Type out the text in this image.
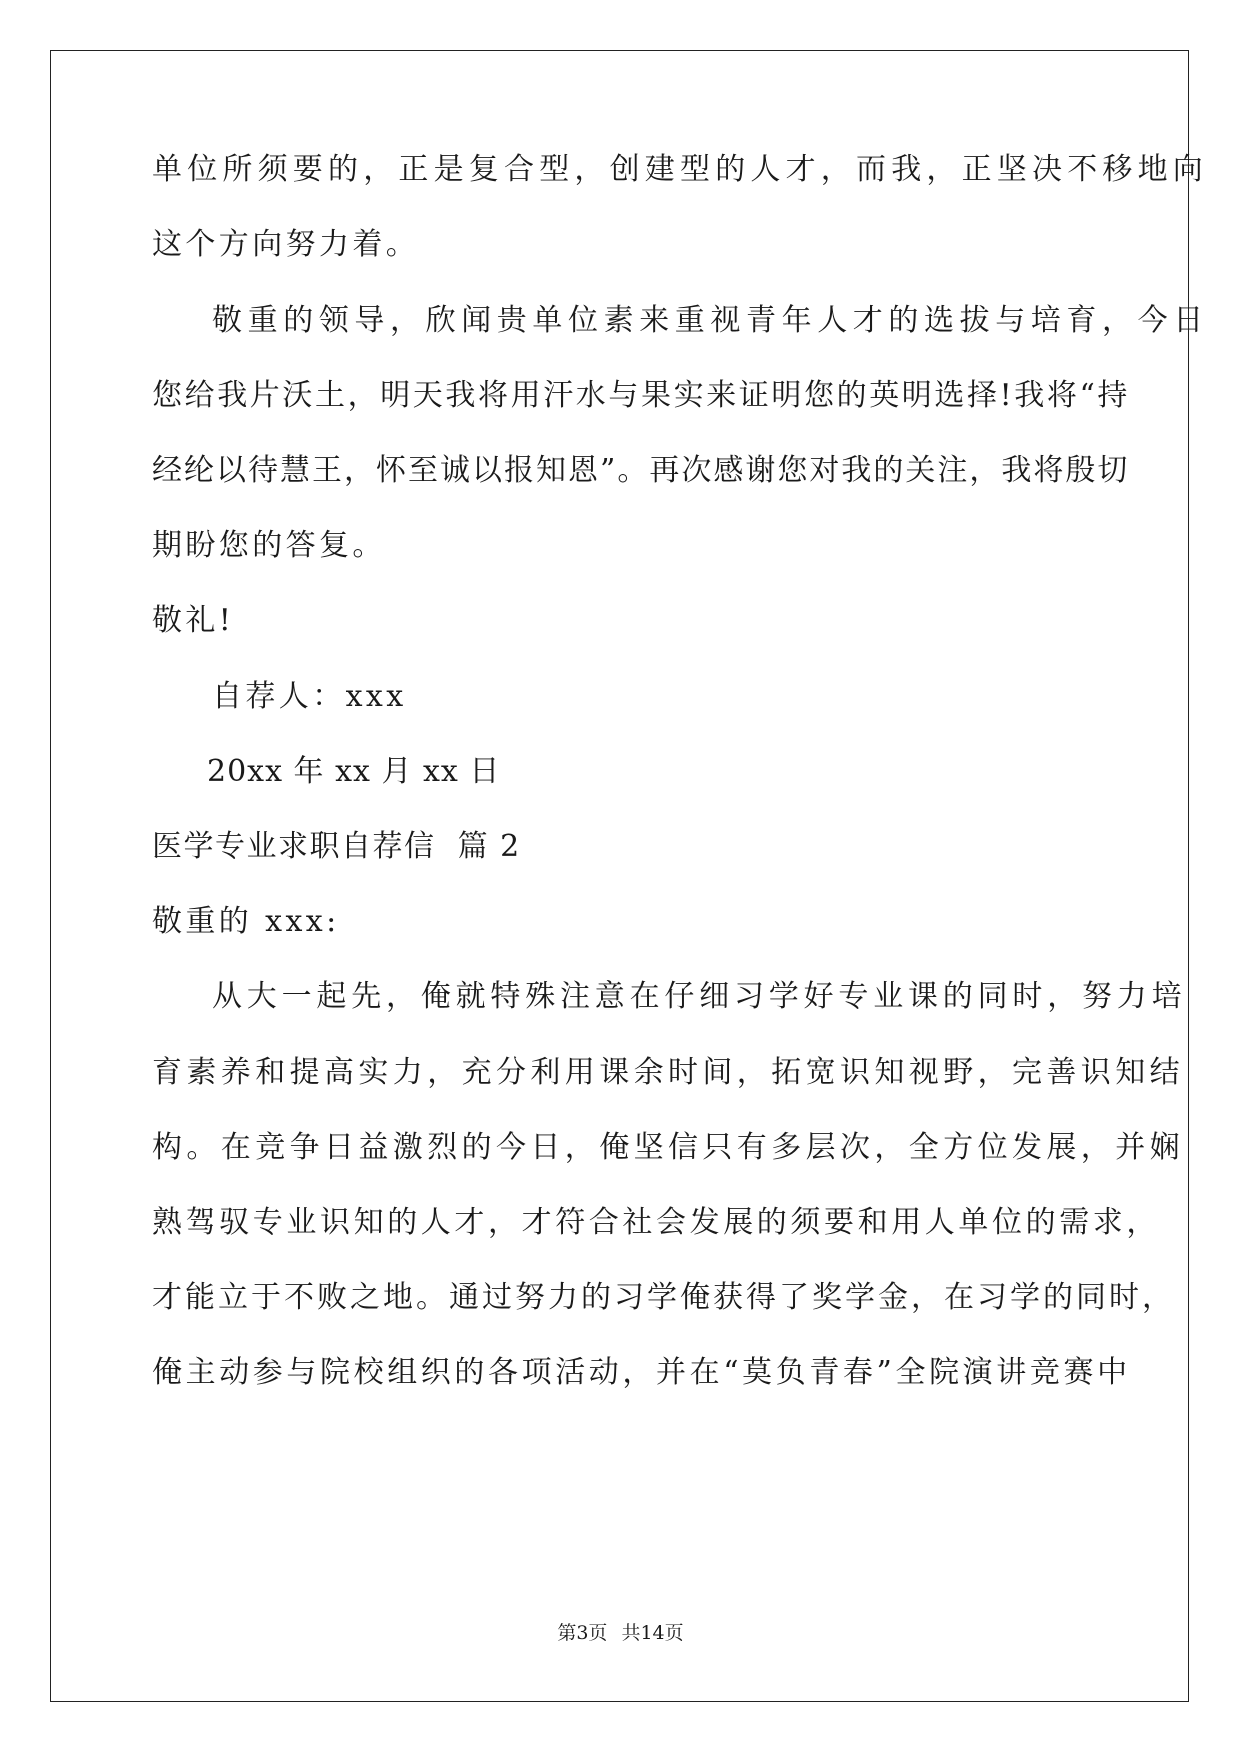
单位所须要的，正是复合型，创建型的人才，而我，正坚决不移地向
这个方向努力着。
敬重的领导，欣闻贵单位素来重视青年人才的选拔与培育，今日
您给我片沃土，明天我将用汗水与果实来证明您的英明选择!我将“持
经纶以待慧王，怀至诚以报知恩”。再次感谢您对我的关注，我将殷切
期盼您的答复。
敬礼!
自荐人：xxx
20xx 年 xx 月 xx 日
医学专业求职自荐信  篇 2
敬重的 xxx:
从大一起先，俺就特殊注意在仔细习学好专业课的同时，努力培
育素养和提高实力，充分利用课余时间，拓宽识知视野，完善识知结
构。在竞争日益激烈的今日，俺坚信只有多层次，全方位发展，并娴
熟驾驭专业识知的人才，才符合社会发展的须要和用人单位的需求，
才能立于不败之地。通过努力的习学俺获得了奖学金，在习学的同时，
俺主动参与院校组织的各项活动，并在“莫负青春”全院演讲竞赛中
第3页 共14页
